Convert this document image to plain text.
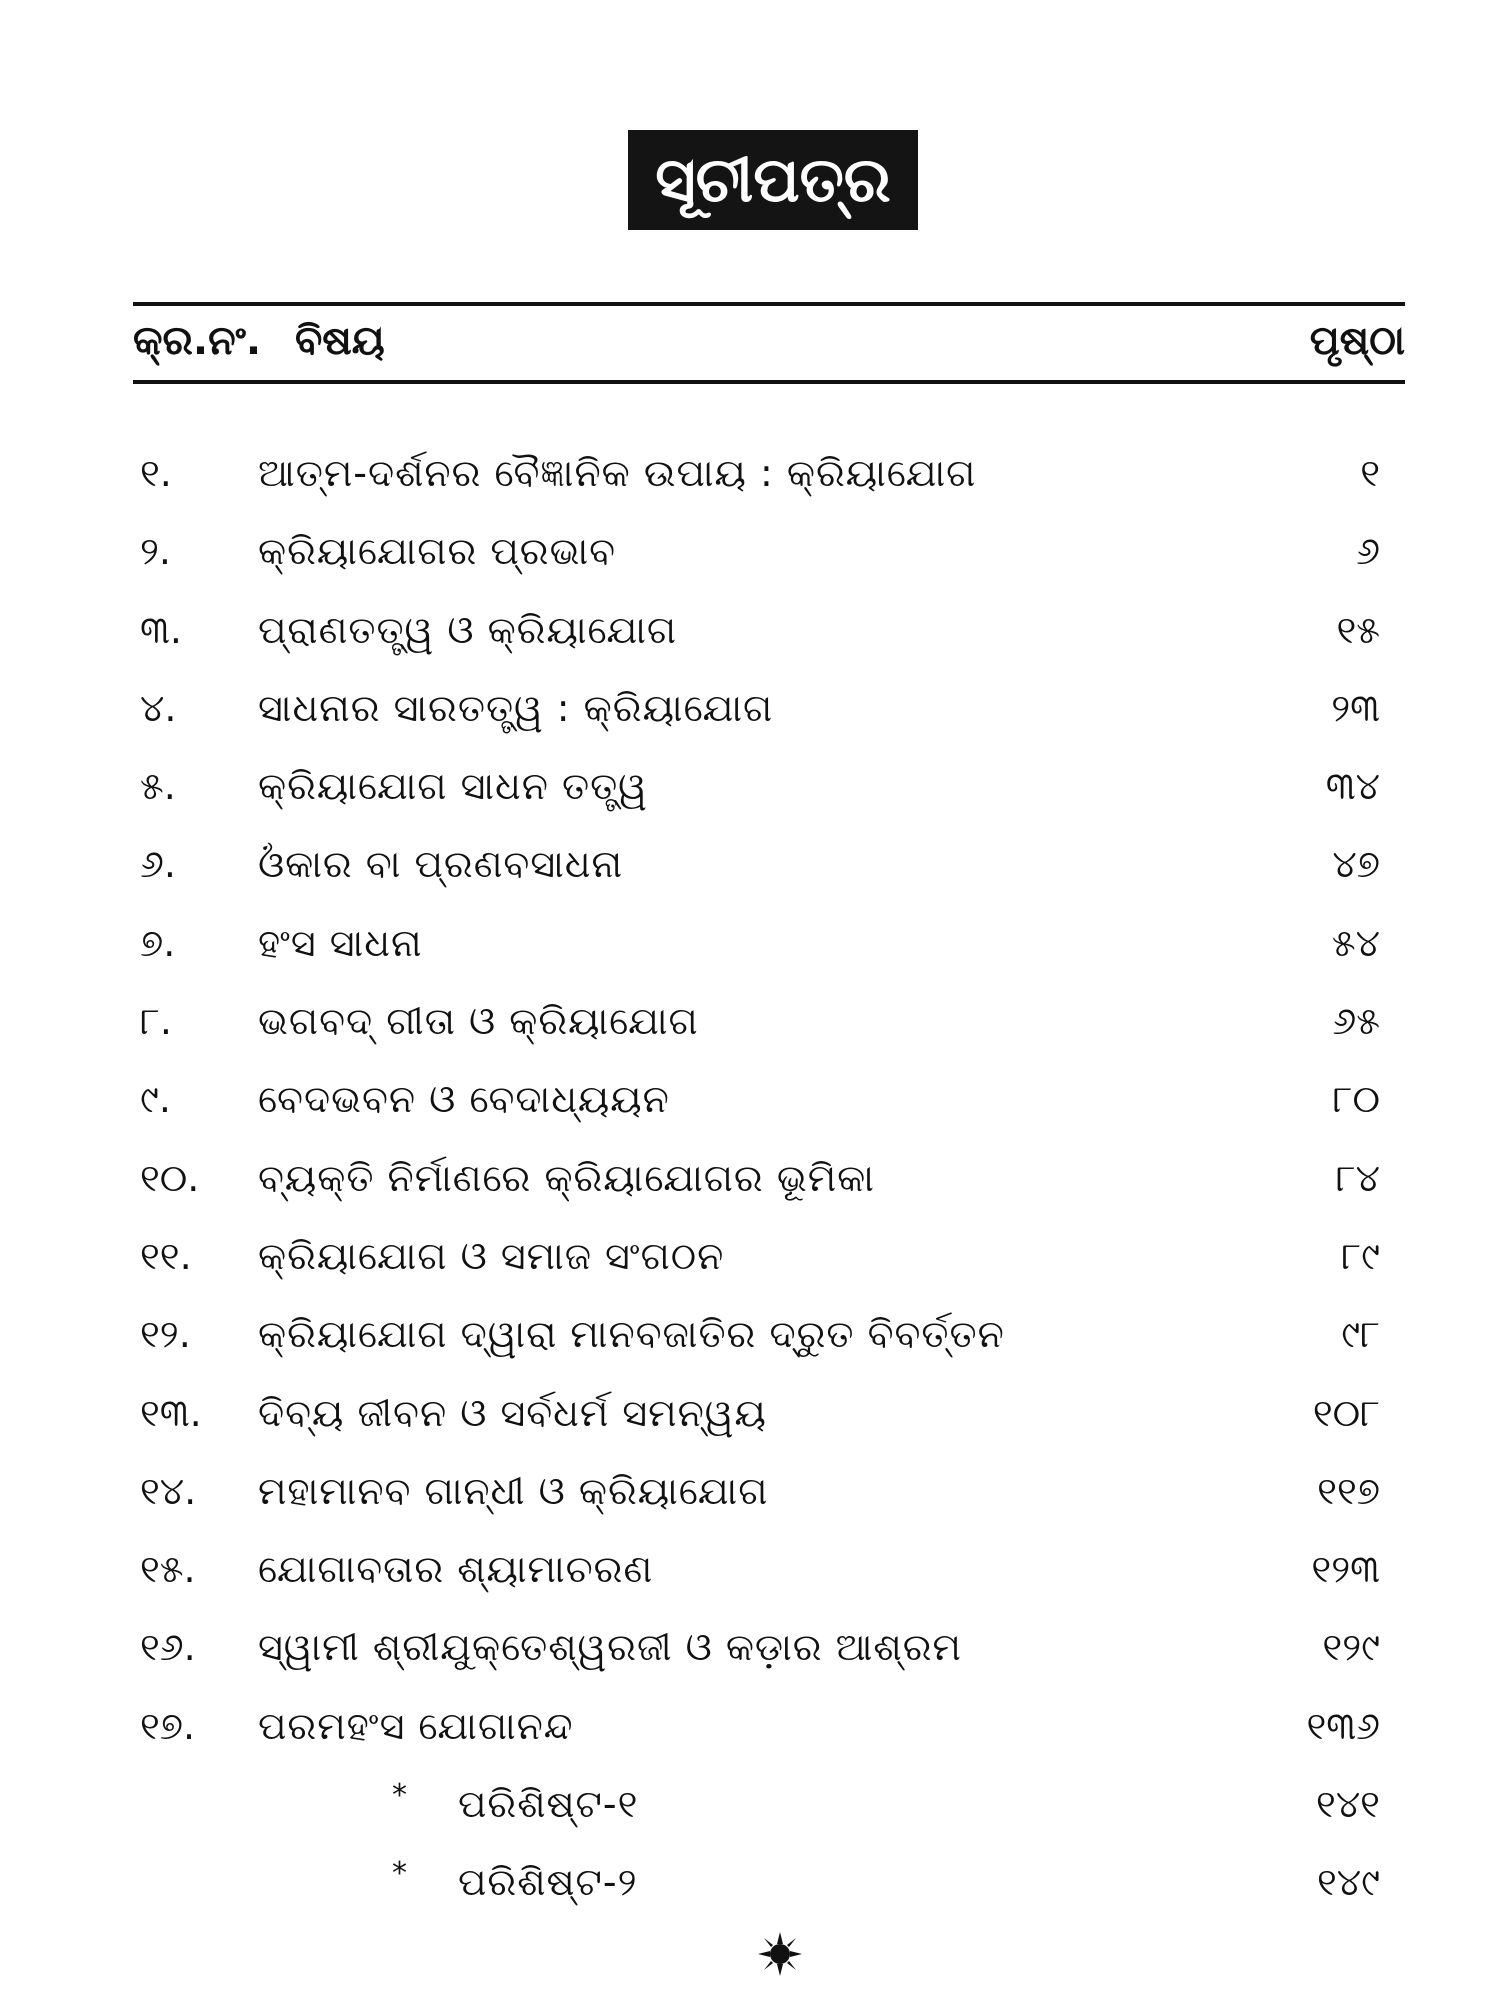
ସୂଚୀପତ୍ର
କ୍ର.ନଂ. ବିଷୟ	ପୃଷ୍ଠା
୧. ଆତ୍ମ-ଦର୍ଶନର ବୈଜ୍ଞାନିକ ଉପାୟ : କ୍ରିୟାଯୋଗ	୧
୨. କ୍ରିୟାଯୋଗର ପ୍ରଭାବ	୬
୩. ପ୍ରାଣତତ୍ତ୍ୱ ଓ କ୍ରିୟାଯୋଗ	୧୫
୪. ସାଧନାର ସାରତତ୍ତ୍ୱ : କ୍ରିୟାଯୋଗ	୨୩
୫. କ୍ରିୟାଯୋଗ ସାଧନ ତତ୍ତ୍ୱ	୩୪
୬. ଓଁକାର ବା ପ୍ରଣବସାଧନା	୪୭
୭. ହଂସ ସାଧନା	୫୪
୮. ଭଗବଦ୍ ଗୀତା ଓ କ୍ରିୟାଯୋଗ	୬୫
୯. ବେଦଭବନ ଓ ବେଦାଧ୍ୟୟନ	୮୦
୧୦. ବ୍ୟକ୍ତି ନିର୍ମାଣରେ କ୍ରିୟାଯୋଗର ଭୂମିକା	୮୪
୧୧. କ୍ରିୟାଯୋଗ ଓ ସମାଜ ସଂଗଠନ	୮୯
୧୨. କ୍ରିୟାଯୋଗ ଦ୍ୱାରା ମାନବଜାତିର ଦ୍ରୁତ ବିବର୍ତ୍ତନ	୯୮
୧୩. ଦିବ୍ୟ ଜୀବନ ଓ ସର୍ବଧର୍ମ ସମନ୍ୱୟ	୧୦୮
୧୪. ମହାମାନବ ଗାନ୍ଧୀ ଓ କ୍ରିୟାଯୋଗ	୧୧୭
୧୫. ଯୋଗାବତାର ଶ୍ୟାମାଚରଣ	୧୨୩
୧୬. ସ୍ୱାମୀ ଶ୍ରୀଯୁକ୍ତେଶ୍ୱରଜୀ ଓ କଡ଼ାର ଆଶ୍ରମ	୧୨୯
୧୭. ପରମହଂସ ଯୋଗାନନ୍ଦ	୧୩୬
* ପରିଶିଷ୍ଟ-୧	୧୪୧
* ପରିଶିଷ୍ଟ-୨	୧୪୯
